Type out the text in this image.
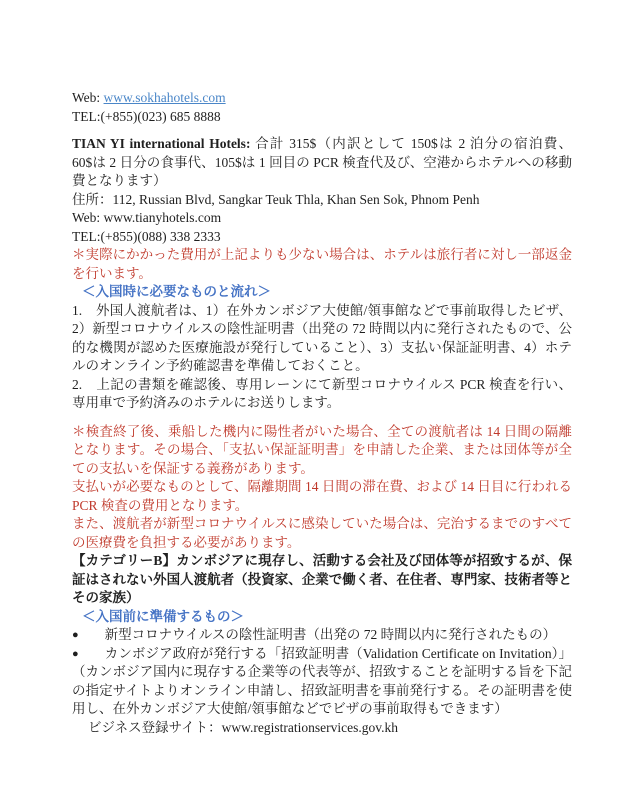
Web: www.sokhahotels.com

TEL:(+855)(023) 685 8888

TIAN YI international Hotels: 合計 315$（内訳として 150$は 2 泊分の宿泊費、60$は 2 日分の食事代、105$は 1 回目の PCR 検査代及び、空港からホテルへの移動費となります）

住所：112, Russian Blvd, Sangkar Teuk Thla, Khan Sen Sok, Phnom Penh

Web: www.tianyhotels.com

TEL:(+855)(088) 338 2333

＊実際にかかった費用が上記よりも少ない場合は、ホテルは旅行者に対し一部返金を行います。

＜入国時に必要なものと流れ＞

1.　外国人渡航者は、1）在外カンボジア大使館/領事館などで事前取得したビザ、2）新型コロナウイルスの陰性証明書（出発の 72 時間以内に発行されたもので、公的な機関が認めた医療施設が発行していること）、3）支払い保証証明書、4）ホテルのオンライン予約確認書を準備しておくこと。

2.　上記の書類を確認後、専用レーンにて新型コロナウイルス PCR 検査を行い、専用車で予約済みのホテルにお送りします。

＊検査終了後、乗船した機内に陽性者がいた場合、全ての渡航者は 14 日間の隔離となります。その場合、「支払い保証証明書」を申請した企業、または団体等が全ての支払いを保証する義務があります。

支払いが必要なものとして、隔離期間 14 日間の滞在費、および 14 日目に行われる PCR 検査の費用となります。

また、渡航者が新型コロナウイルスに感染していた場合は、完治するまでのすべての医療費を負担する必要があります。

【カテゴリーB】カンボジアに現存し、活動する会社及び団体等が招致するが、保証はされない外国人渡航者（投資家、企業で働く者、在住者、専門家、技術者等とその家族）

＜入国前に準備するもの＞

● 新型コロナウイルスの陰性証明書（出発の 72 時間以内に発行されたもの）

● カンボジア政府が発行する「招致証明書（Validation Certificate on Invitation）」（カンボジア国内に現存する企業等の代表等が、招致することを証明する旨を下記の指定サイトよりオンライン申請し、招致証明書を事前発行する。その証明書を使用し、在外カンボジア大使館/領事館などでビザの事前取得もできます）

ビジネス登録サイト：www.registrationservices.gov.kh
